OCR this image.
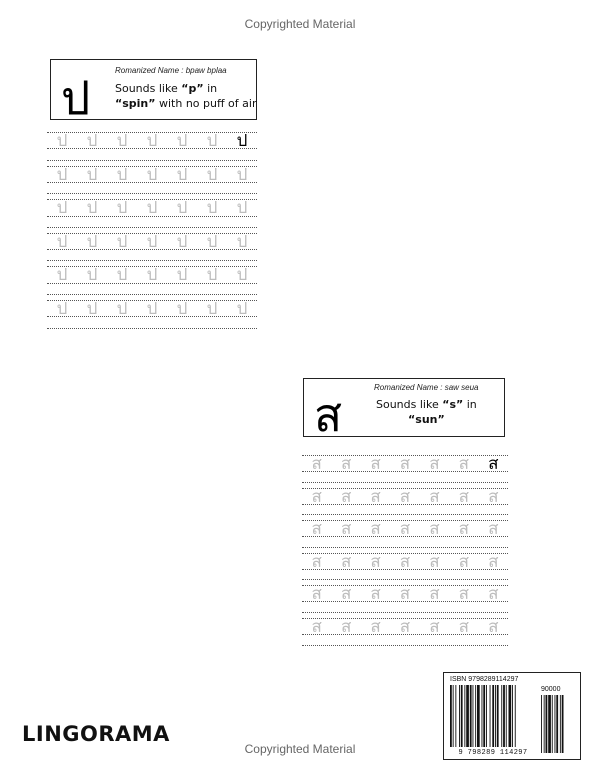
Copyrighted Material
ป
Romanized Name : bpaw bplaa
Sounds like “p” in
“spin” with no puff of air
ป	ป	ป	ป	ป	ป	ป
ป	ป	ป	ป	ป	ป	ป
ป	ป	ป	ป	ป	ป	ป
ป	ป	ป	ป	ป	ป	ป
ป	ป	ป	ป	ป	ป	ป
ป	ป	ป	ป	ป	ป	ป
ส
Romanized Name : saw seua
Sounds like “s” in
“sun”
ส	ส	ส	ส	ส	ส	ส
ส	ส	ส	ส	ส	ส	ส
ส	ส	ส	ส	ส	ส	ส
ส	ส	ส	ส	ส	ส	ส
ส	ส	ส	ส	ส	ส	ส
ส	ส	ส	ส	ส	ส	ส
LINGORAMA
ISBN 9798289114297
90000
9 798289 114297
Copyrighted Material
